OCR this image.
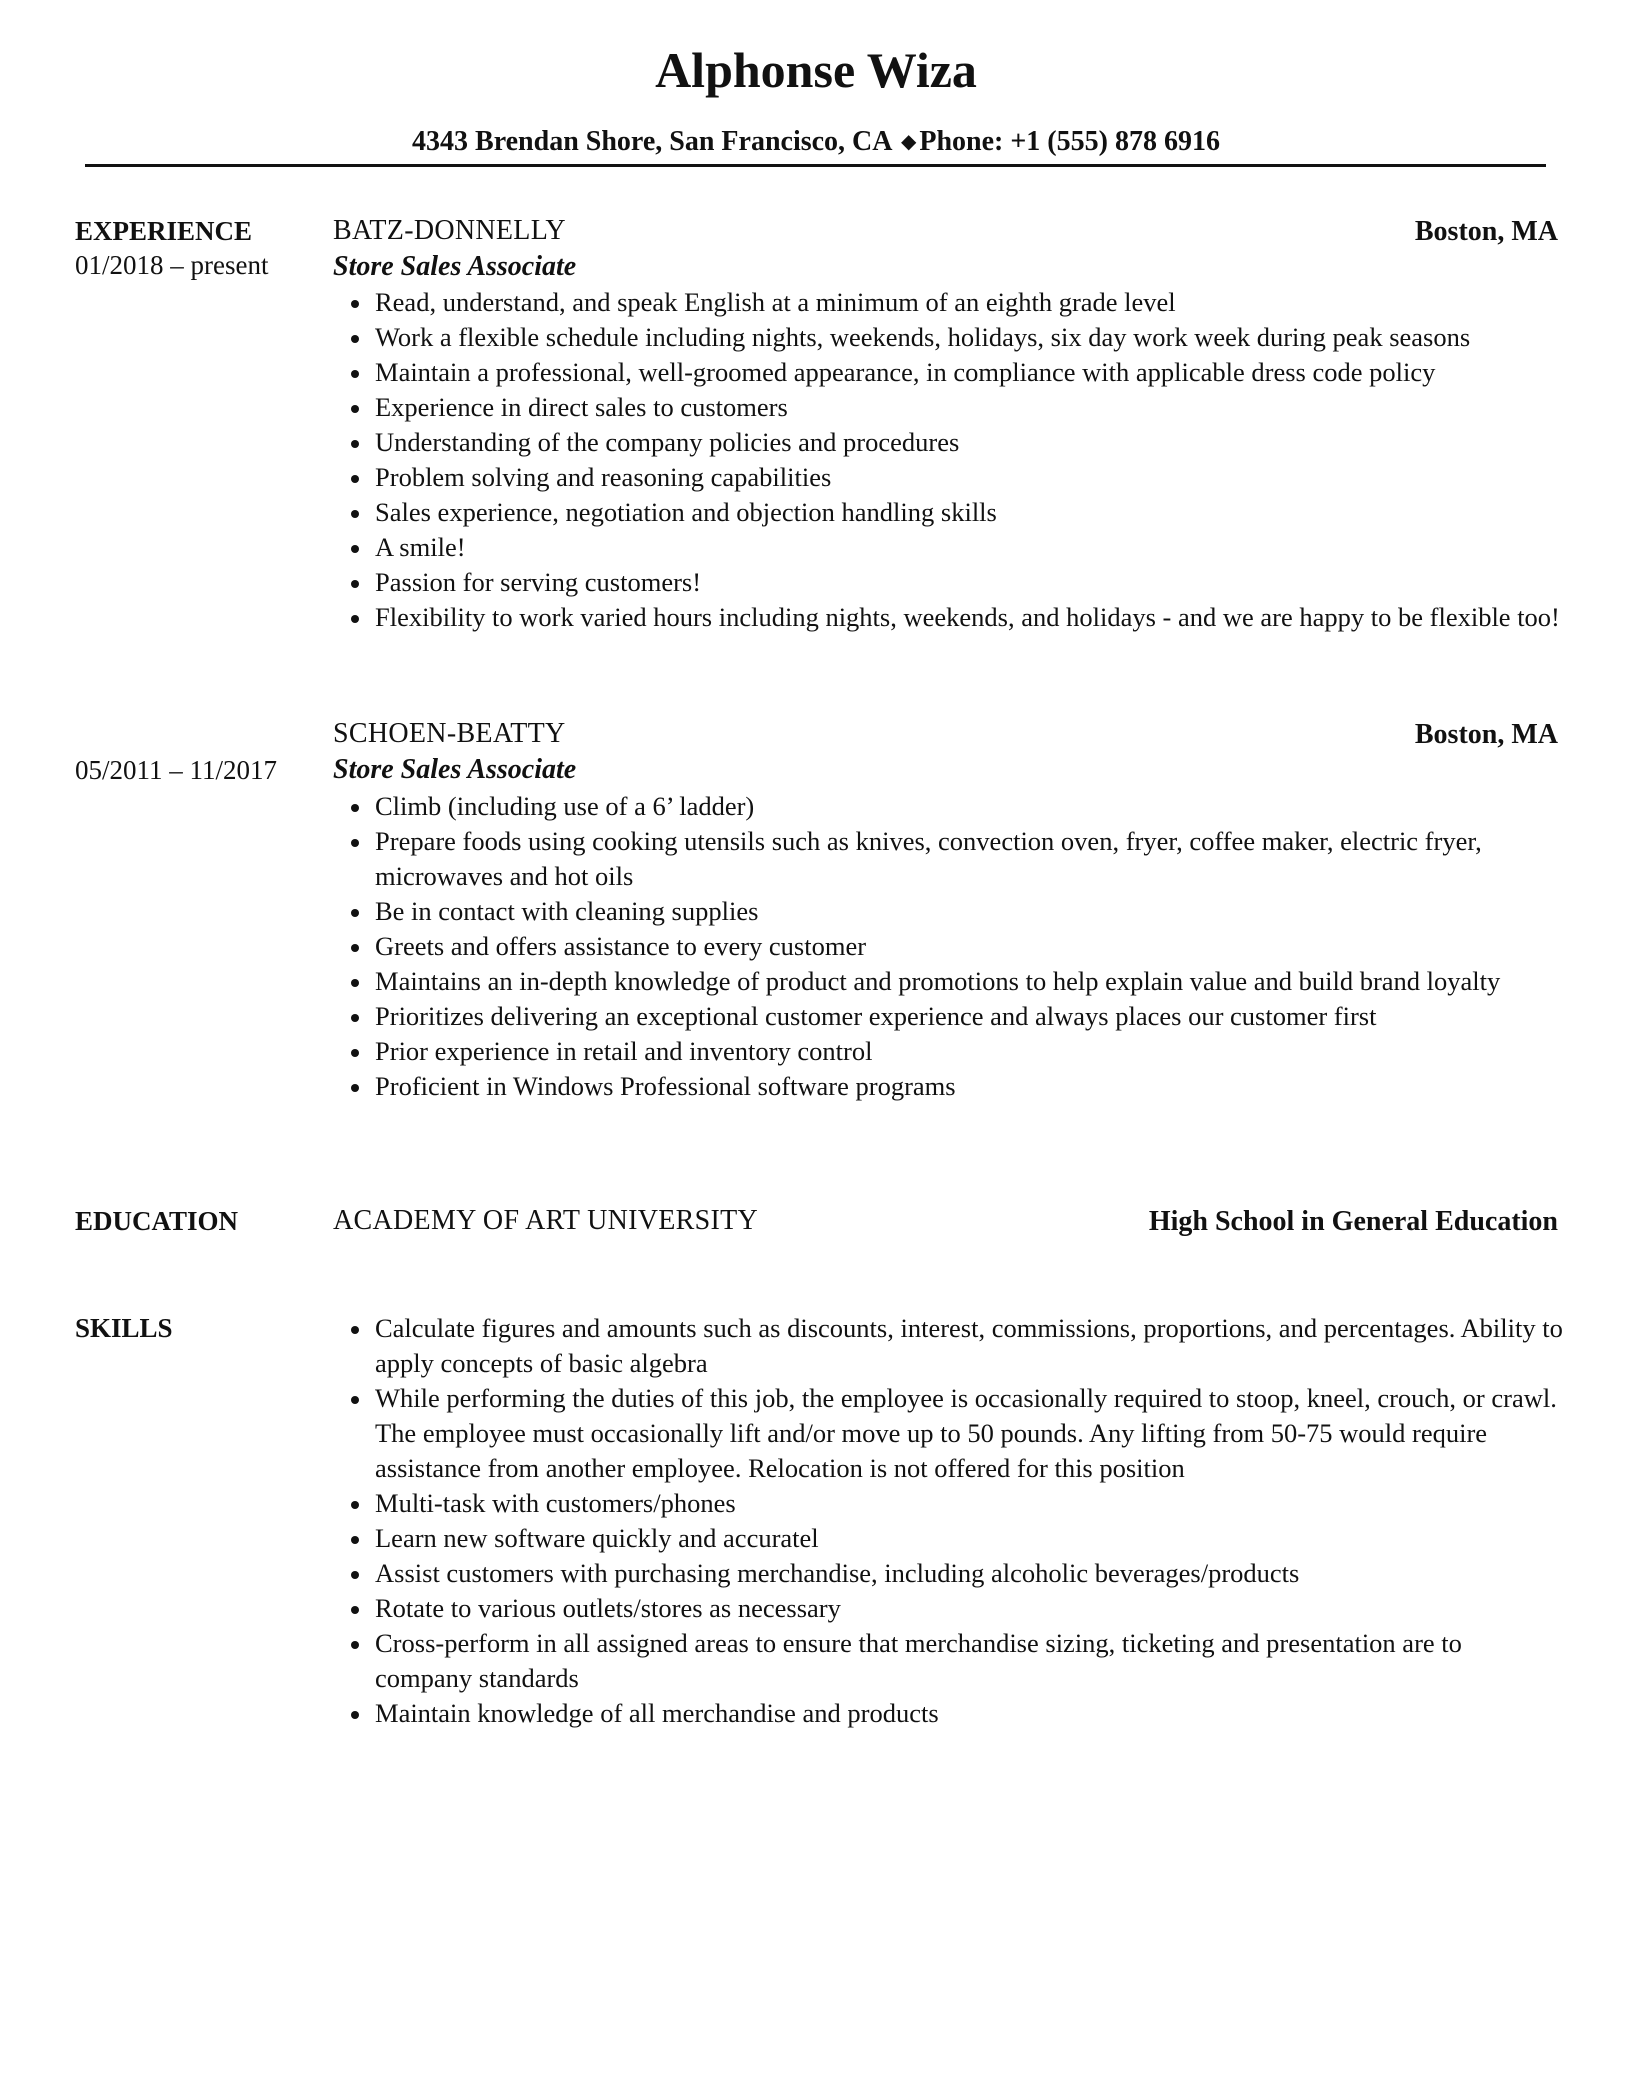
Alphonse Wiza
4343 Brendan Shore, San Francisco, CA ◆ Phone: +1 (555) 878 6916
EXPERIENCE
01/2018 – present
BATZ-DONNELLY	Boston, MA
Store Sales Associate
Read, understand, and speak English at a minimum of an eighth grade level
Work a flexible schedule including nights, weekends, holidays, six day work week during peak seasons
Maintain a professional, well-groomed appearance, in compliance with applicable dress code policy
Experience in direct sales to customers
Understanding of the company policies and procedures
Problem solving and reasoning capabilities
Sales experience, negotiation and objection handling skills
A smile!
Passion for serving customers!
Flexibility to work varied hours including nights, weekends, and holidays - and we are happy to be flexible too!
SCHOEN-BEATTY	Boston, MA
05/2011 – 11/2017 Store Sales Associate
Climb (including use of a 6’ ladder)
Prepare foods using cooking utensils such as knives, convection oven, fryer, coffee maker, electric fryer, microwaves and hot oils
Be in contact with cleaning supplies
Greets and offers assistance to every customer
Maintains an in-depth knowledge of product and promotions to help explain value and build brand loyalty
Prioritizes delivering an exceptional customer experience and always places our customer first
Prior experience in retail and inventory control
Proficient in Windows Professional software programs
EDUCATION	ACADEMY OF ART UNIVERSITY	High School in General Education
SKILLS	Calculate figures and amounts such as discounts, interest, commissions, proportions, and percentages. Ability to apply concepts of basic algebra
While performing the duties of this job, the employee is occasionally required to stoop, kneel, crouch, or crawl. The employee must occasionally lift and/or move up to 50 pounds. Any lifting from 50-75 would require assistance from another employee. Relocation is not offered for this position
Multi-task with customers/phones
Learn new software quickly and accuratel
Assist customers with purchasing merchandise, including alcoholic beverages/products
Rotate to various outlets/stores as necessary
Cross-perform in all assigned areas to ensure that merchandise sizing, ticketing and presentation are to company standards
Maintain knowledge of all merchandise and products
